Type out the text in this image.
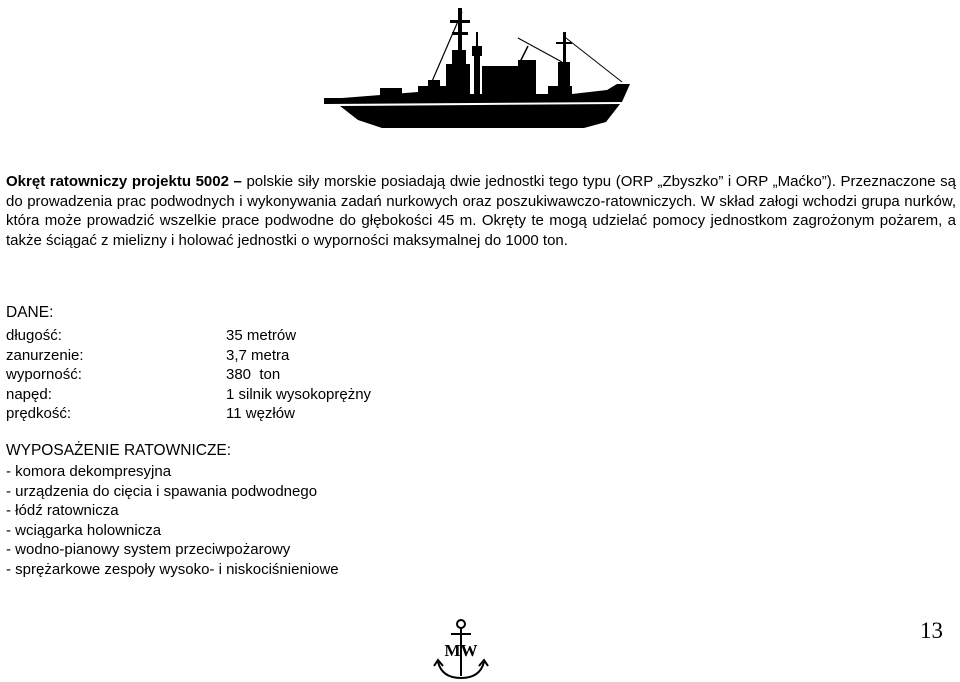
Okręt ratowniczy projektu 5002 – polskie siły morskie posiadają dwie jednostki tego typu (ORP „Zbyszko” i ORP „Maćko”). Przeznaczone są do prowadzenia prac podwodnych i wykonywania zadań nurkowych oraz poszukiwawczo-ratowniczych. W skład załogi wchodzi grupa nurków, która może prowadzić wszelkie prace podwodne do głębokości 45 m. Okręty te mogą udzielać pomocy jednostkom zagrożonym pożarem, a także ściągać z mielizny i holować jednostki o wyporności maksymalnej do 1000 ton.

DANE:

długość:	35 metrów
zanurzenie:	3,7 metra
wyporność:	380  ton
napęd:	1 silnik wysokoprężny
prędkość:	11 węzłów

WYPOSAŻENIE RATOWNICZE:

- komora dekompresyjna
- urządzenia do cięcia i spawania podwodnego
- łódź ratownicza
- wciągarka holownicza
- wodno-pianowy system przeciwpożarowy
- sprężarkowe zespoły wysoko- i niskociśnieniowe
MW
13
